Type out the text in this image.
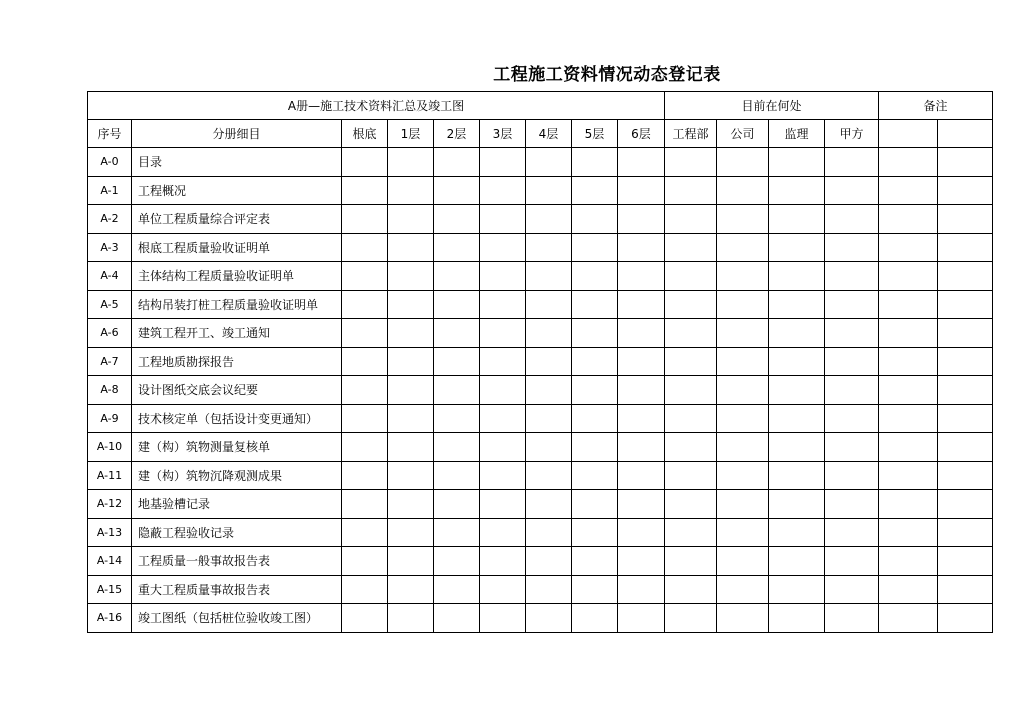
工程施工资料情况动态登记表
A册—施工技术资料汇总及竣工图									目前在何处				备注	
序号	分册细目	根底	1层	2层	3层	4层	5层	6层	工程部	公司	监理	甲方		
A-0	目录													
A-1	工程概况													
A-2	单位工程质量综合评定表													
A-3	根底工程质量验收证明单													
A-4	主体结构工程质量验收证明单													
A-5	结构吊装打桩工程质量验收证明单													
A-6	建筑工程开工、竣工通知													
A-7	工程地质勘探报告													
A-8	设计图纸交底会议纪要													
A-9	技术核定单（包括设计变更通知）													
A-10	建（构）筑物测量复核单													
A-11	建（构）筑物沉降观测成果													
A-12	地基验槽记录													
A-13	隐蔽工程验收记录													
A-14	工程质量一般事故报告表													
A-15	重大工程质量事故报告表													
A-16	竣工图纸（包括桩位验收竣工图）													
